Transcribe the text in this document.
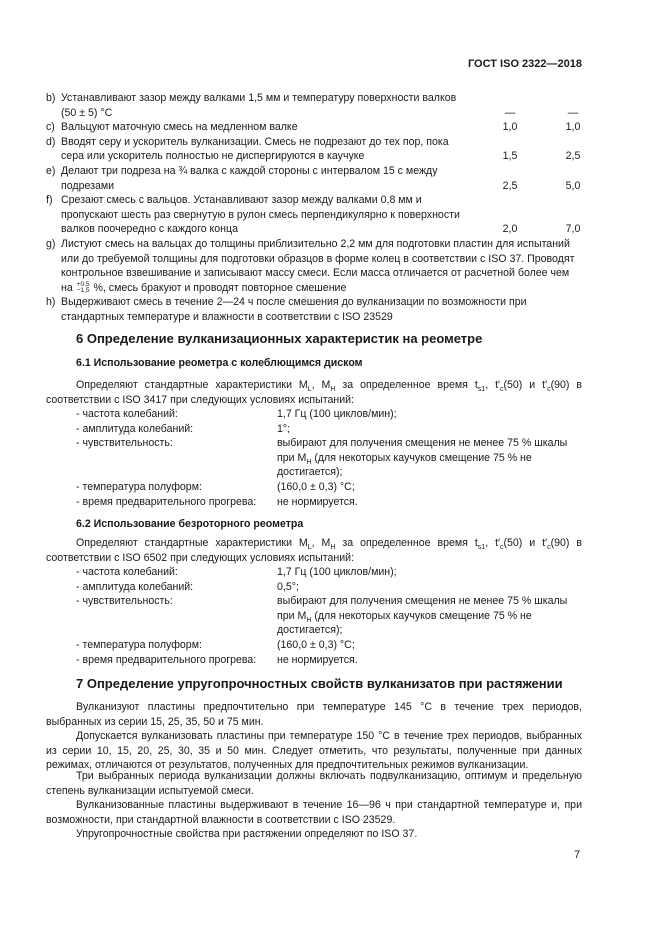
ГОСТ ISO 2322—2018
b) Устанавливают зазор между валками 1,5 мм и температуру поверхности валков (50 ± 5) °C	—	—
c) Вальцуют маточную смесь на медленном валке	1,0	1,0
d) Вводят серу и ускоритель вулканизации. Смесь не подрезают до тех пор, пока сера или ускоритель полностью не диспергируются в каучуке	1,5	2,5
e) Делают три подреза на ¾ валка с каждой стороны с интервалом 15 с между подрезами	2,5	5,0
f) Срезают смесь с вальцов. Устанавливают зазор между валками 0,8 мм и пропускают шесть раз свернутую в рулон смесь перпендикулярно к поверхности валков поочередно с каждого конца	2,0	7,0
g) Листуют смесь на вальцах до толщины приблизительно 2,2 мм для подготовки пластин для испытаний или до требуемой толщины для подготовки образцов в форме колец в соответствии с ISO 37. Проводят контрольное взвешивание и записывают массу смеси. Если масса отличается от расчетной более чем на +0,5
−1,5 %, смесь бракуют и проводят повторное смешение
h) Выдерживают смесь в течение 2—24 ч после смешения до вулканизации по возможности при стандартных температуре и влажности в соответствии с ISO 23529
6 Определение вулканизационных характеристик на реометре
6.1 Использование реометра с колеблющимся диском
Определяют стандартные характеристики $M_L$, $M_H$ за определенное время $t_{s1}$, $t'_c(50)$ и $t'_c(90)$ в соответствии с ISO 3417 при следующих условиях испытаний:
- частота колебаний:	1,7 Гц (100 циклов/мин);
- амплитуда колебаний:	1°;
- чувствительность:	выбирают для получения смещения не менее 75 % шкалы при $M_H$ (для некоторых каучуков смещение 75 % не достигается);
- температура полуформ:	(160,0 ± 0,3) °C;
- время предварительного прогрева: не нормируется.
6.2 Использование безроторного реометра
Определяют стандартные характеристики $M_L$, $M_H$ за определенное время $t_{s1}$, $t'_c(50)$ и $t'_c(90)$ в соответствии с ISO 6502 при следующих условиях испытаний:
- частота колебаний:	1,7 Гц (100 циклов/мин);
- амплитуда колебаний:	0,5°;
- чувствительность:	выбирают для получения смещения не менее 75 % шкалы при $M_H$ (для некоторых каучуков смещение 75 % не достигается);
- температура полуформ:	(160,0 ± 0,3) °C;
- время предварительного прогрева: не нормируется.
7 Определение упругопрочностных свойств вулканизатов при растяжении
Вулканизуют пластины предпочтительно при температуре 145 °C в течение трех периодов, выбранных из серии 15, 25, 35, 50 и 75 мин.
Допускается вулканизовать пластины при температуре 150 °C в течение трех периодов, выбранных из серии 10, 15, 20, 25, 30, 35 и 50 мин. Следует отметить, что результаты, полученные при данных режимах, отличаются от результатов, полученных для предпочтительных режимов вулканизации.
Три выбранных периода вулканизации должны включать подвулканизацию, оптимум и предельную степень вулканизации испытуемой смеси.
Вулканизованные пластины выдерживают в течение 16—96 ч при стандартной температуре и, при возможности, при стандартной влажности в соответствии с ISO 23529.
Упругопрочностные свойства при растяжении определяют по ISO 37.
7
